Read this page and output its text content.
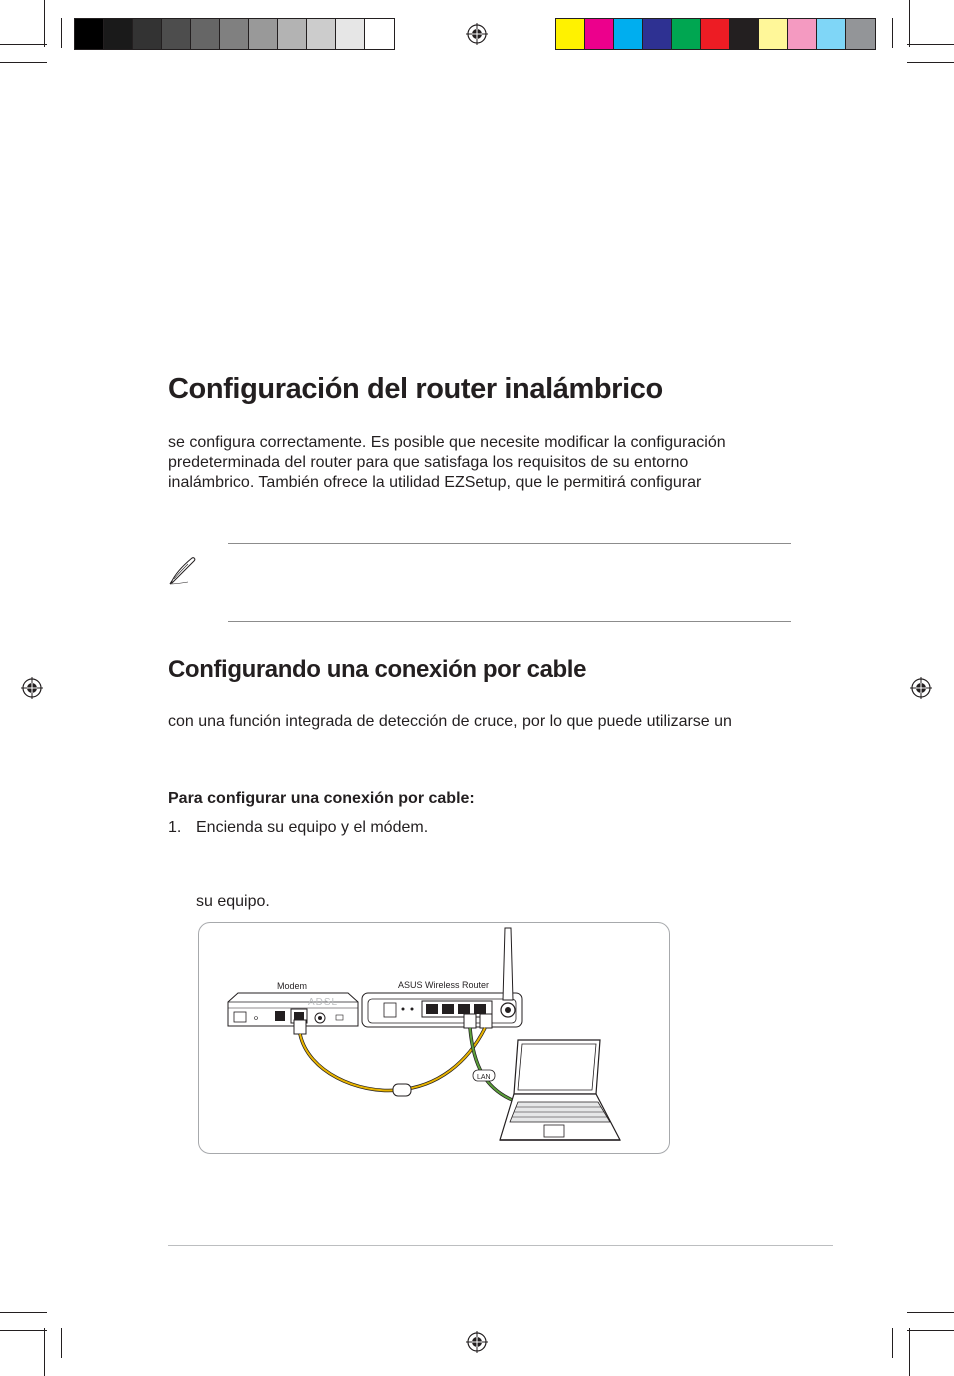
Configuración del router inalámbrico

se configura correctamente. Es posible que necesite modificar la configuración

predeterminada del router para que satisfaga los requisitos de su entorno

inalámbrico. También ofrece la utilidad EZSetup, que le permitirá configurar

Configurando una conexión por cable

con una función integrada de detección de cruce, por lo que puede utilizarse un

Para configurar una conexión por cable:

1. Encienda su equipo y el módem.

su equipo.

Modem
ADSL
ASUS Wireless Router
LAN
